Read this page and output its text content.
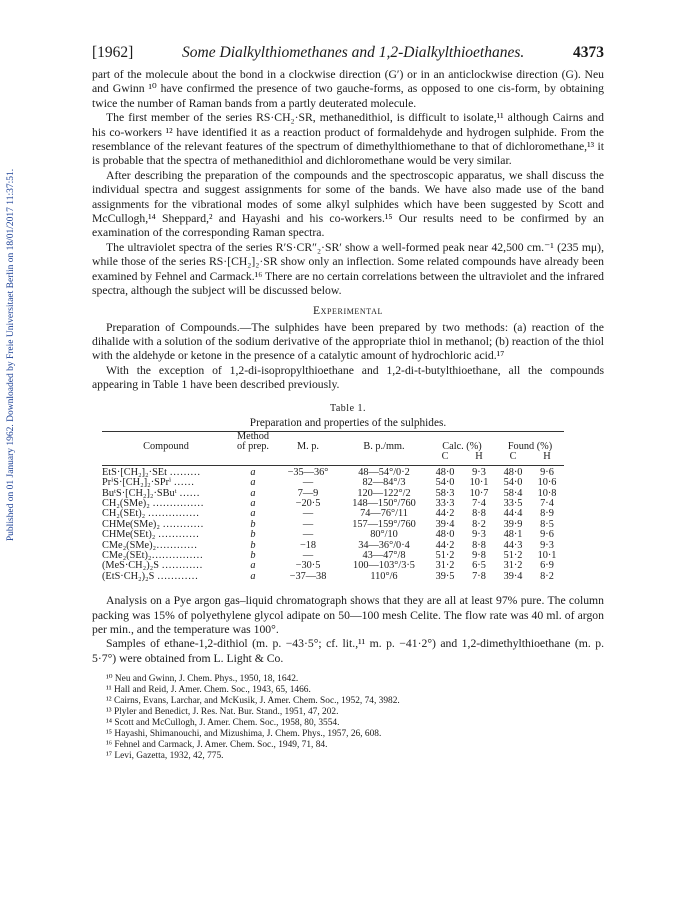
Published on 01 January 1962. Downloaded by Freie Universitaet Berlin on 18/01/2017 11:37:51.
[1962]	Some Dialkylthiomethanes and 1,2-Dialkylthioethanes.	4373

part of the molecule about the bond in a clockwise direction (G′) or in an anticlockwise direction (G). Neu and Gwinn ¹⁰ have confirmed the presence of two gauche-forms, as opposed to one cis-form, by obtaining twice the number of Raman bands from a partly deuterated molecule.

The first member of the series RS·CH₂·SR, methanedithiol, is difficult to isolate,¹¹ although Cairns and his co-workers ¹² have identified it as a reaction product of formaldehyde and hydrogen sulphide. From the resemblance of the relevant features of the spectrum of dimethylthiomethane to that of dichloromethane,¹³ it is probable that the spectra of methanedithiol and dichloromethane would be very similar.

After describing the preparation of the compounds and the spectroscopic apparatus, we shall discuss the individual spectra and suggest assignments for some of the bands. We have also made use of the band assignments for the vibrational modes of some alkyl sulphides which have been suggested by Scott and McCullogh,¹⁴ Sheppard,² and Hayashi and his co-workers.¹⁵ Our results need to be confirmed by an examination of the corresponding Raman spectra.

The ultraviolet spectra of the series R′S·CR″₂·SR′ show a well-formed peak near 42,500 cm.⁻¹ (235 mμ), while those of the series RS·[CH₂]₂·SR show only an inflection. Some related compounds have already been examined by Fehnel and Carmack.¹⁶ There are no certain correlations between the ultraviolet and the infrared spectra, although the subject will be discussed below.

Experimental

Preparation of Compounds.—The sulphides have been prepared by two methods: (a) reaction of the dihalide with a solution of the sodium derivative of the appropriate thiol in methanol; (b) reaction of the thiol with the aldehyde or ketone in the presence of a catalytic amount of hydrochloric acid.¹⁷

With the exception of 1,2-di-isopropylthioethane and 1,2-di-t-butylthioethane, all the compounds appearing in Table 1 have been described previously.

Table 1.
Preparation and properties of the sulphides.
	Method						
Compound	of prep.	M. p.	B. p./mm.	Calc. (%)		Found (%)	
				C	H	C	H
EtS·[CH₂]₂·SEt ………	a	−35—36°	48—54°/0·2	48·0	9·3	48·0	9·6
PrⁱS·[CH₂]₂·SPrⁱ ……	a	—	82—84°/3	54·0	10·1	54·0	10·6
BuᵗS·[CH₂]₂·SBuᵗ ……	a	7—9	120—122°/2	58·3	10·7	58·4	10·8
CH₂(SMe)₂ ……………	a	−20·5	148—150°/760	33·3	7·4	33·5	7·4
CH₂(SEt)₂ ……………	a	—	74—76°/11	44·2	8·8	44·4	8·9
CHMe(SMe)₂ …………	b	—	157—159°/760	39·4	8·2	39·9	8·5
CHMe(SEt)₂ …………	b	—	80°/10	48·0	9·3	48·1	9·6
CMe₂(SMe)₂…………	b	−18	34—36°/0·4	44·2	8·8	44·3	9·3
CMe₂(SEt)₂……………	b	—	43—47°/8	51·2	9·8	51·2	10·1
(MeS·CH₂)₂S …………	a	−30·5	100—103°/3·5	31·2	6·5	31·2	6·9
(EtS·CH₂)₂S …………	a	−37—38	110°/6	39·5	7·8	39·4	8·2

Analysis on a Pye argon gas–liquid chromatograph shows that they are all at least 97% pure. The column packing was 15% of polyethylene glycol adipate on 50—100 mesh Celite. The flow rate was 40 ml. of argon per min., and the temperature was 100°.

Samples of ethane-1,2-dithiol (m. p. −43·5°; cf. lit.,¹¹ m. p. −41·2°) and 1,2-dimethylthioethane (m. p. 5·7°) were obtained from L. Light & Co.

¹⁰ Neu and Gwinn, J. Chem. Phys., 1950, 18, 1642.
¹¹ Hall and Reid, J. Amer. Chem. Soc., 1943, 65, 1466.
¹² Cairns, Evans, Larchar, and McKusik, J. Amer. Chem. Soc., 1952, 74, 3982.
¹³ Plyler and Benedict, J. Res. Nat. Bur. Stand., 1951, 47, 202.
¹⁴ Scott and McCullogh, J. Amer. Chem. Soc., 1958, 80, 3554.
¹⁵ Hayashi, Shimanouchi, and Mizushima, J. Chem. Phys., 1957, 26, 608.
¹⁶ Fehnel and Carmack, J. Amer. Chem. Soc., 1949, 71, 84.
¹⁷ Levi, Gazetta, 1932, 42, 775.
